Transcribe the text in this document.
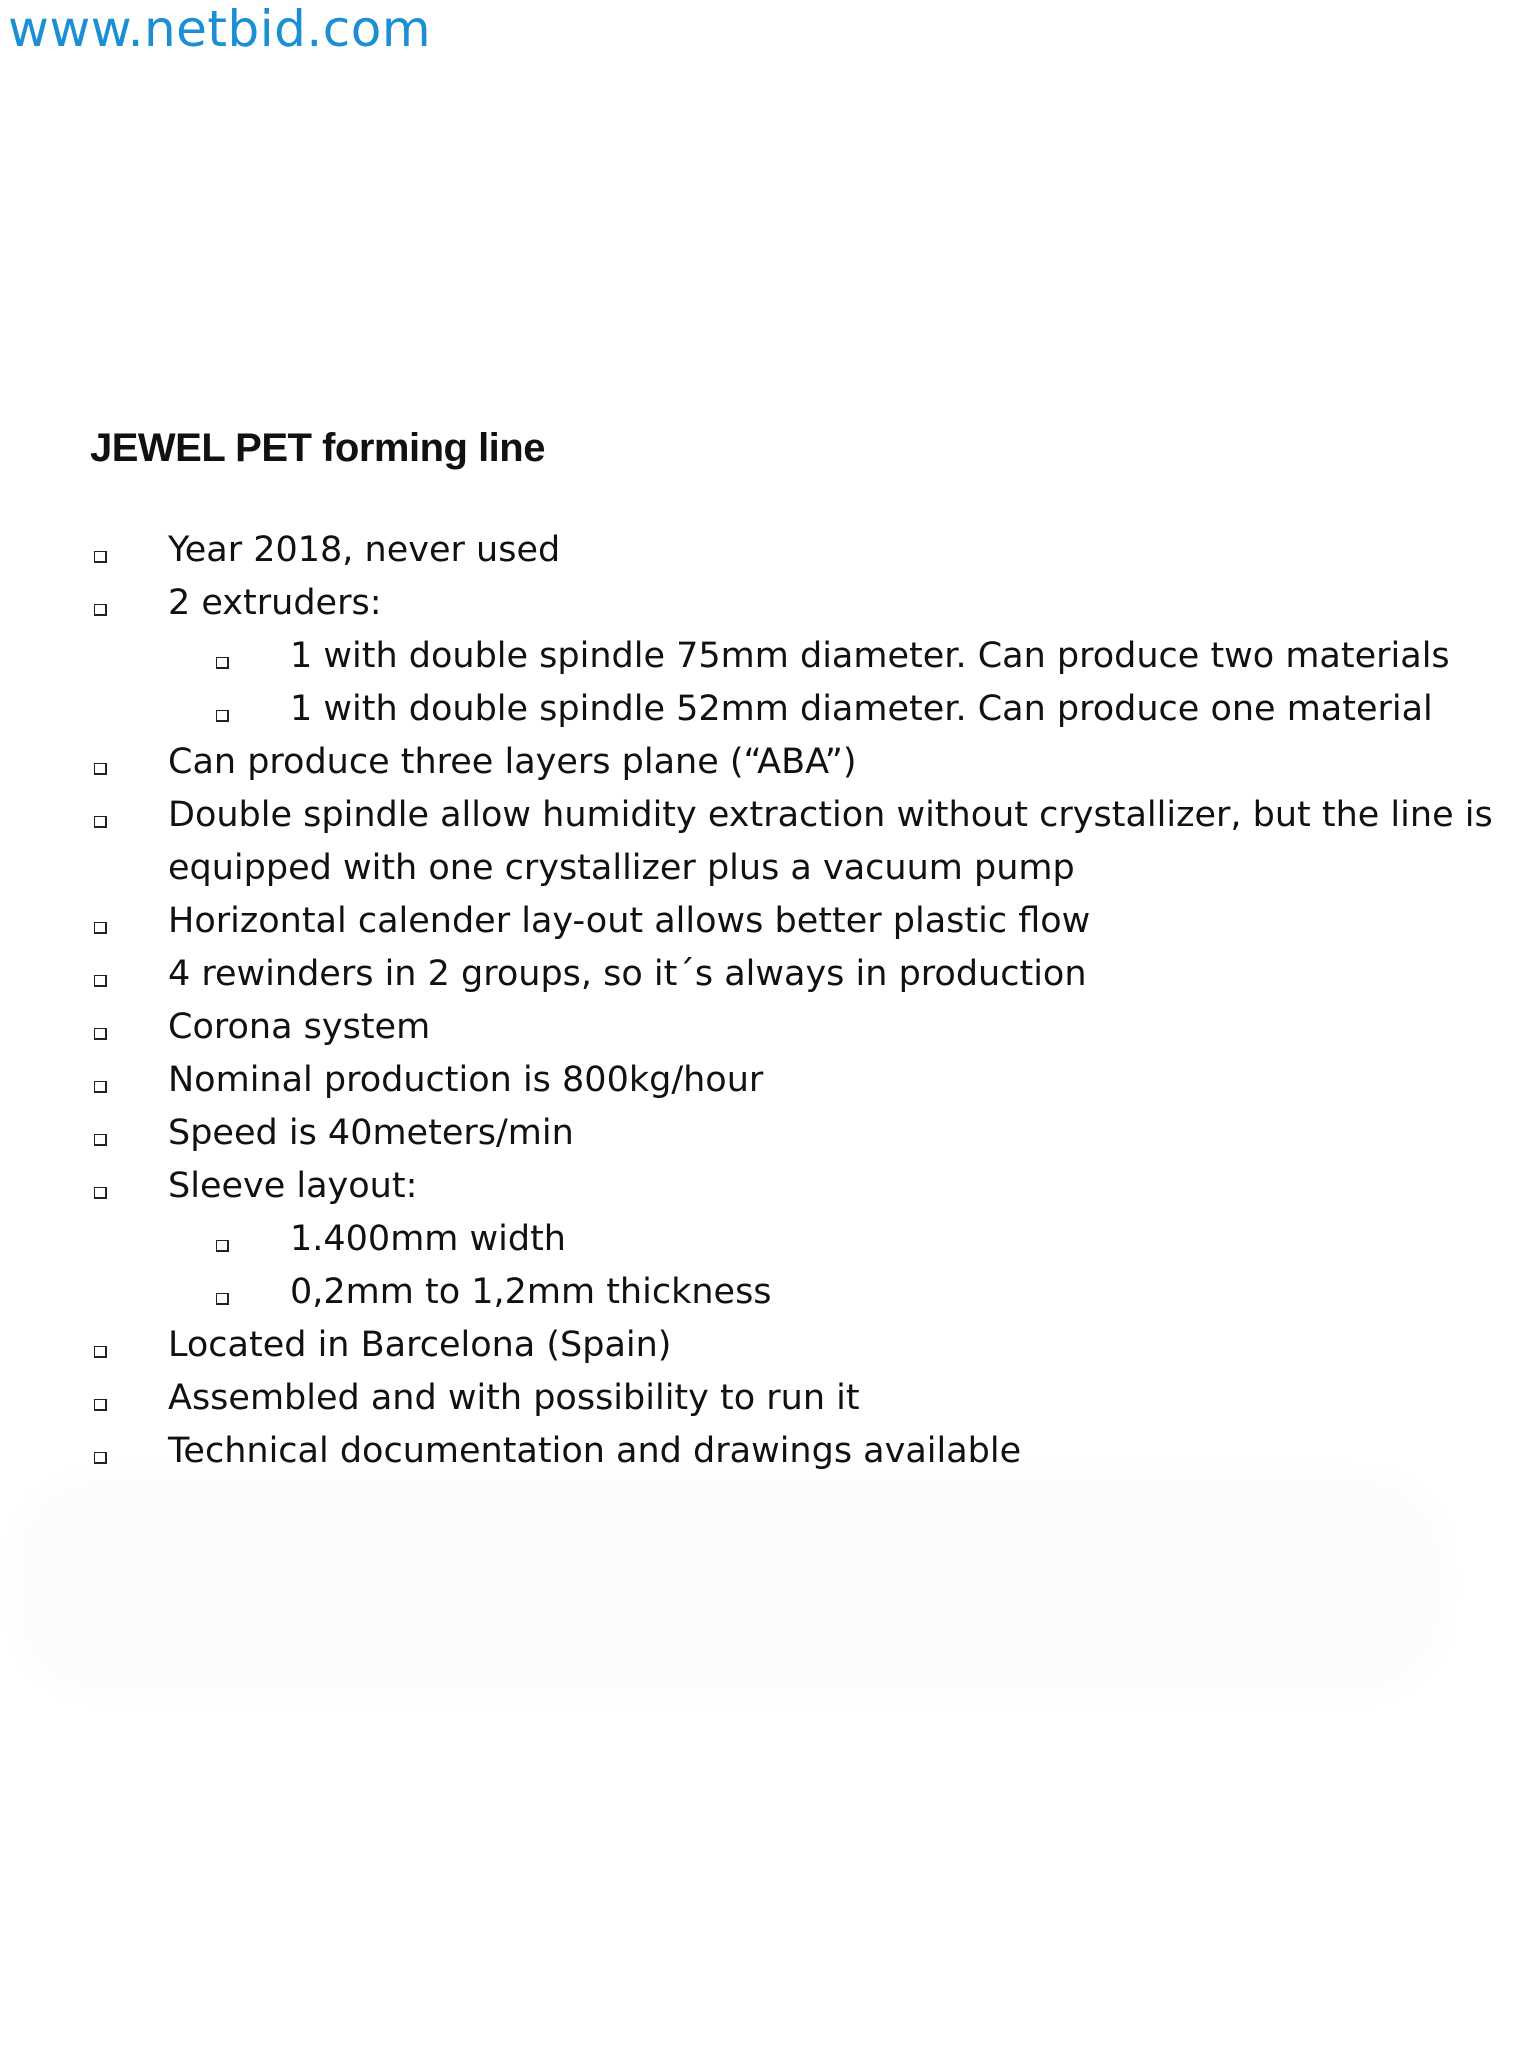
www.netbid.com
JEWEL PET forming line
Year 2018, never used
2 extruders:
1 with double spindle 75mm diameter. Can produce two materials
1 with double spindle 52mm diameter. Can produce one material
Can produce three layers plane (“ABA”)
Double spindle allow humidity extraction without crystallizer, but the line is equipped with one crystallizer plus a vacuum pump
Horizontal calender lay-out allows better plastic flow
4 rewinders in 2 groups, so it´s always in production
Corona system
Nominal production is 800kg/hour
Speed is 40meters/min
Sleeve layout:
1.400mm width
0,2mm to 1,2mm thickness
Located in Barcelona (Spain)
Assembled and with possibility to run it
Technical documentation and drawings available
